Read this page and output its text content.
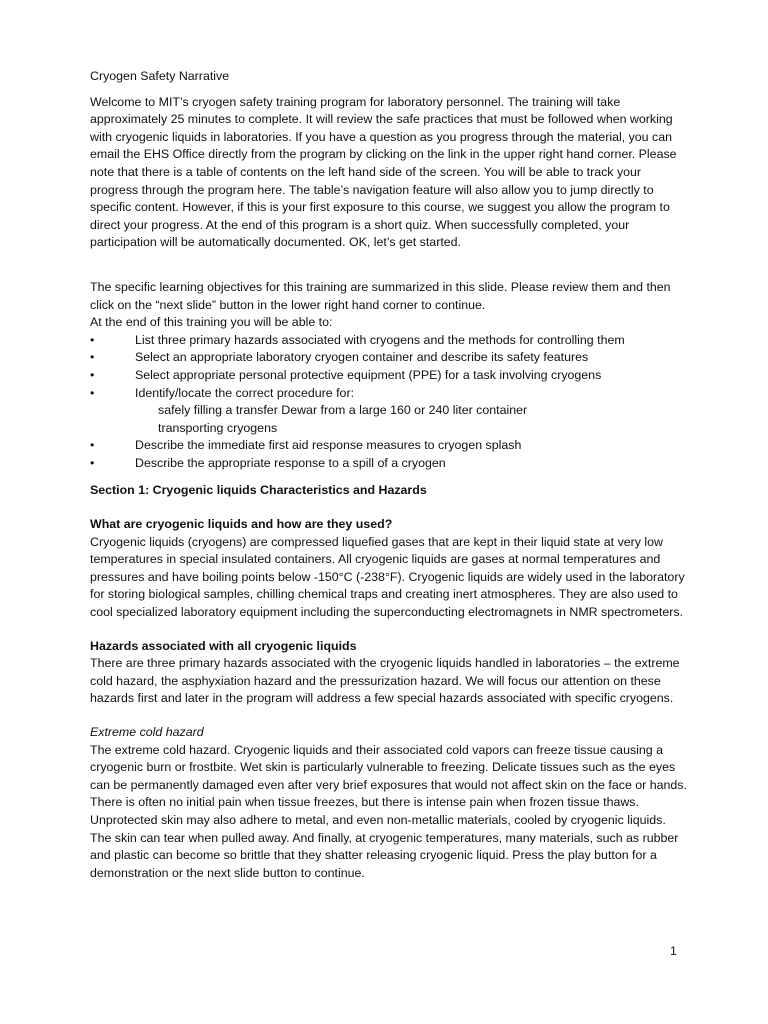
Cryogen Safety Narrative

Welcome to MIT’s cryogen safety training program for laboratory personnel. The training will take approximately 25 minutes to complete. It will review the safe practices that must be followed when working with cryogenic liquids in laboratories. If you have a question as you progress through the material, you can email the EHS Office directly from the program by clicking on the link in the upper right hand corner. Please note that there is a table of contents on the left hand side of the screen. You will be able to track your progress through the program here. The table’s navigation feature will also allow you to jump directly to specific content. However, if this is your first exposure to this course, we suggest you allow the program to direct your progress. At the end of this program is a short quiz. When successfully completed, your participation will be automatically documented. OK, let’s get started.

The specific learning objectives for this training are summarized in this slide. Please review them and then click on the “next slide” button in the lower right hand corner to continue.

At the end of this training you will be able to:

• List three primary hazards associated with cryogens and the methods for controlling them
• Select an appropriate laboratory cryogen container and describe its safety features
• Select appropriate personal protective equipment (PPE) for a task involving cryogens
• Identify/locate the correct procedure for:

safely filling a transfer Dewar from a large 160 or 240 liter container

transporting cryogens

• Describe the immediate first aid response measures to cryogen splash
• Describe the appropriate response to a spill of a cryogen

Section 1: Cryogenic liquids Characteristics and Hazards

What are cryogenic liquids and how are they used?

Cryogenic liquids (cryogens) are compressed liquefied gases that are kept in their liquid state at very low temperatures in special insulated containers. All cryogenic liquids are gases at normal temperatures and pressures and have boiling points below -150°C (-238°F). Cryogenic liquids are widely used in the laboratory for storing biological samples, chilling chemical traps and creating inert atmospheres. They are also used to cool specialized laboratory equipment including the superconducting electromagnets in NMR spectrometers.

Hazards associated with all cryogenic liquids

There are three primary hazards associated with the cryogenic liquids handled in laboratories – the extreme cold hazard, the asphyxiation hazard and the pressurization hazard. We will focus our attention on these hazards first and later in the program will address a few special hazards associated with specific cryogens.

Extreme cold hazard

The extreme cold hazard. Cryogenic liquids and their associated cold vapors can freeze tissue causing a cryogenic burn or frostbite. Wet skin is particularly vulnerable to freezing. Delicate tissues such as the eyes can be permanently damaged even after very brief exposures that would not affect skin on the face or hands. There is often no initial pain when tissue freezes, but there is intense pain when frozen tissue thaws. Unprotected skin may also adhere to metal, and even non-metallic materials, cooled by cryogenic liquids. The skin can tear when pulled away. And finally, at cryogenic temperatures, many materials, such as rubber and plastic can become so brittle that they shatter releasing cryogenic liquid. Press the play button for a demonstration or the next slide button to continue.

1
